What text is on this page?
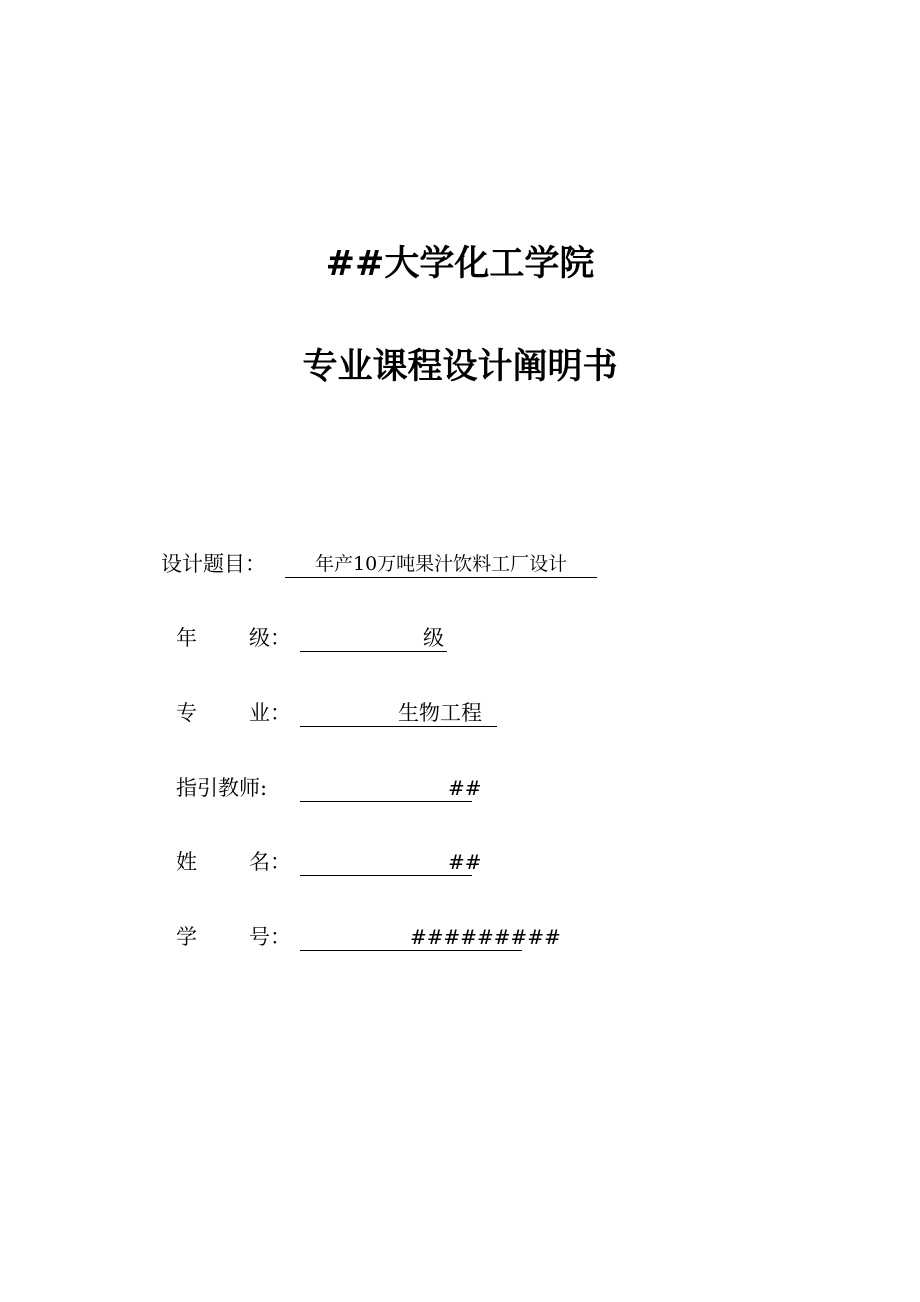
##大学化工学院
专业课程设计阐明书
设计题目：	年产10万吨果汁饮料工厂设计
年 级：	级
专 业：	生物工程
指引教师:	##
姓 名：	##
学 号：	#########
